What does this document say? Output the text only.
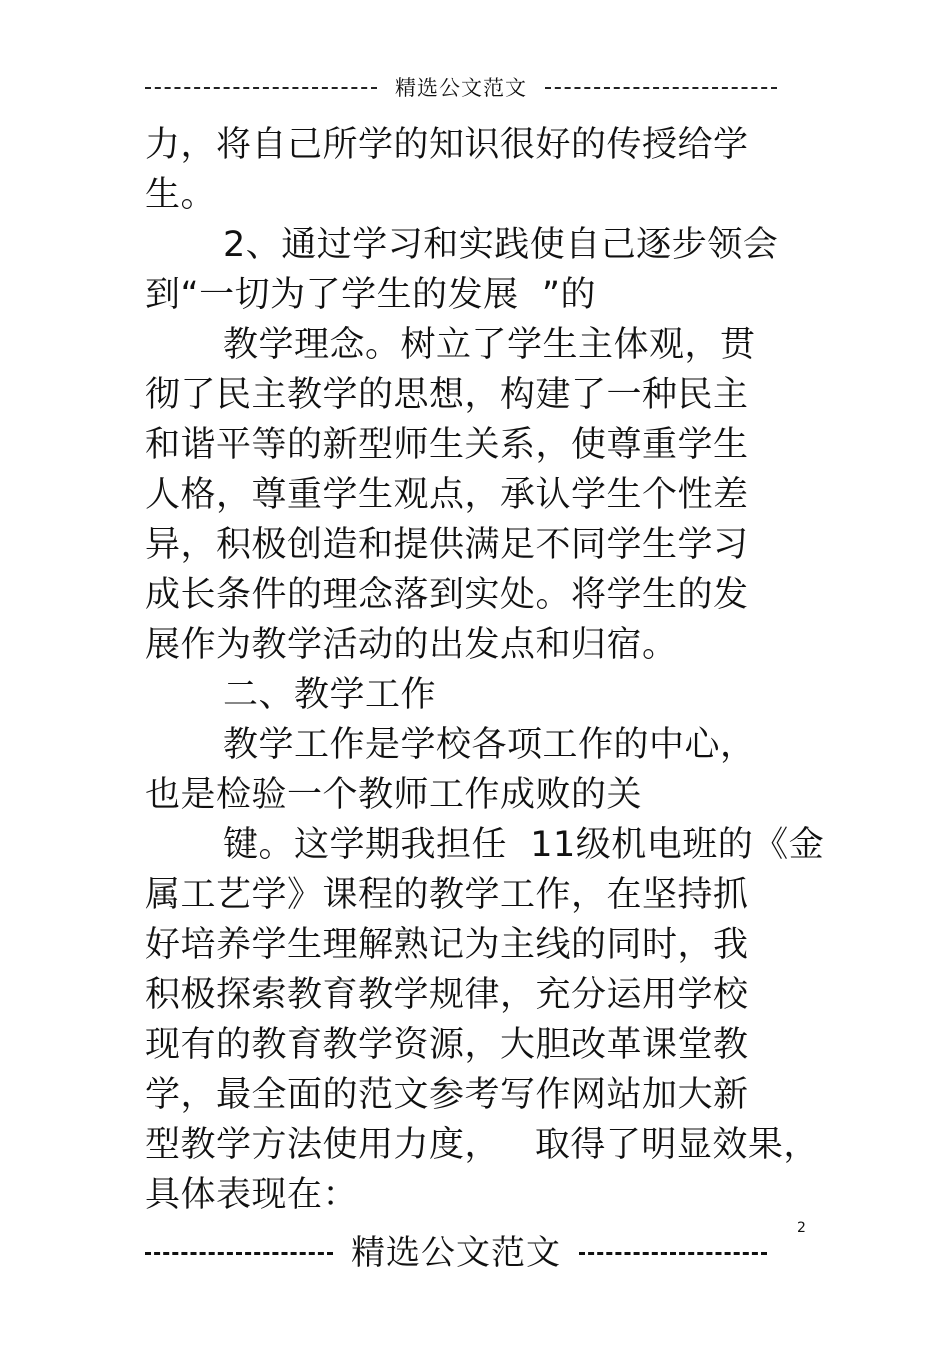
精选公文范文
力，将自己所学的知识很好的传授给学
生。
2、通过学习和实践使自己逐步领会
到“一切为了学生的发展  ”的
教学理念。树立了学生主体观，贯
彻了民主教学的思想，构建了一种民主
和谐平等的新型师生关系，使尊重学生
人格，尊重学生观点，承认学生个性差
异，积极创造和提供满足不同学生学习
成长条件的理念落到实处。将学生的发
展作为教学活动的出发点和归宿。
二、教学工作
教学工作是学校各项工作的中心，
也是检验一个教师工作成败的关
键。这学期我担任  11级机电班的《金
属工艺学》课程的教学工作，在坚持抓
好培养学生理解熟记为主线的同时，我
积极探索教育教学规律，充分运用学校
现有的教育教学资源，大胆改革课堂教
学，最全面的范文参考写作网站加大新
型教学方法使用力度，   取得了明显效果，
具体表现在：
2
精选公文范文
